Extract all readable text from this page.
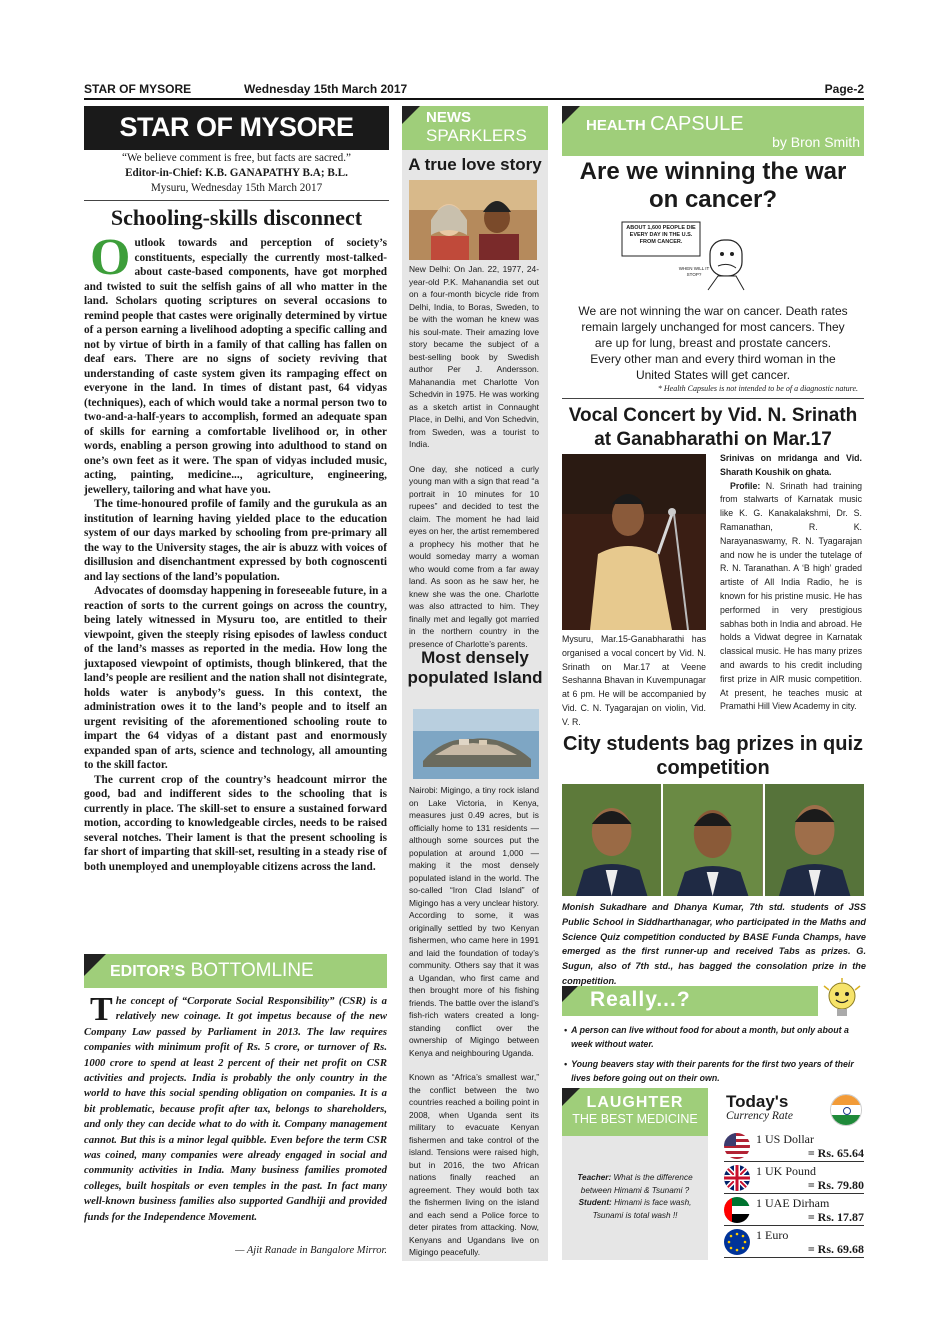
STAR OF MYSORE	Wednesday 15th March 2017	Page-2
STAR OF MYSORE
“We believe comment is free, but facts are sacred.”
Editor-in-Chief: K.B. GANAPATHY B.A; B.L.
Mysuru, Wednesday 15th March 2017
Schooling-skills disconnect

O utlook towards and perception of society’s constituents, especially the currently most-talked-about caste-based components, have got morphed and twisted to suit the selfish gains of all who matter in the land. Scholars quoting scriptures on several occasions to remind people that castes were originally determined by virtue of a person earning a livelihood adopting a specific calling and not by virtue of birth in a family of that calling has fallen on deaf ears. There are no signs of society reviving that understanding of caste system given its rampaging effect on everyone in the land. In times of distant past, 64 vidyas (techniques), each of which would take a normal person two to two-and-a-half-years to accomplish, formed an adequate span of skills for earning a comfortable livelihood or, in other words, enabling a person growing into adulthood to stand on one’s own feet as it were. The span of vidyas included music, acting, painting, medicine..., agriculture, engineering, jewellery, tailoring and what have you.

The time-honoured profile of family and the gurukula as an institution of learning having yielded place to the education system of our days marked by schooling from pre-primary all the way to the University stages, the air is abuzz with voices of disillusion and disenchantment expressed by both cognoscenti and lay sections of the land’s population.

Advocates of doomsday happening in foreseeable future, in a reaction of sorts to the current goings on across the country, being lately witnessed in Mysuru too, are entitled to their viewpoint, given the steeply rising episodes of lawless conduct of the land’s masses as reported in the media. How long the juxtaposed viewpoint of optimists, though blinkered, that the land’s people are resilient and the nation shall not disintegrate, holds water is anybody’s guess. In this context, the administration owes it to the land’s people and to itself an urgent revisiting of the aforementioned schooling route to impart the 64 vidyas of a distant past and enormously expanded span of arts, science and technology, all amounting to the skill factor.

The current crop of the country’s headcount mirror the good, bad and indifferent sides to the schooling that is currently in place. The skill-set to ensure a sustained forward motion, according to knowledgeable circles, needs to be raised several notches. Their lament is that the present schooling is far short of imparting that skill-set, resulting in a steady rise of both unemployed and unemployable citizens across the land.

EDITOR’S BOTTOMLINE
T he concept of “Corporate Social Responsibility” (CSR) is a relatively new coinage. It got impetus because of the new Company Law passed by Parliament in 2013. The law requires companies with minimum profit of Rs. 5 crore, or turnover of Rs. 1000 crore to spend at least 2 percent of their net profit on CSR activities and projects. India is probably the only country in the world to have this social spending obligation on companies. It is a bit problematic, because profit after tax, belongs to shareholders, and only they can decide what to do with it. Company management cannot. But this is a minor legal quibble. Even before the term CSR was coined, many companies were already engaged in social and community activities in India. Many business families promoted colleges, built hospitals or even temples in the past. In fact many well-known business families also supported Gandhiji and provided funds for the Independence Movement.
— Ajit Ranade in Bangalore Mirror.
NEWS
SPARKLERS
A true love story

New Delhi: On Jan. 22, 1977, 24-year-old P.K. Mahanandia set out on a four-month bicycle ride from Delhi, India, to Boras, Sweden, to be with the woman he knew was his soul-mate. Their amazing love story became the subject of a best-selling book by Swedish author Per J. Andersson. Mahanandia met Charlotte Von Schedvin in 1975. He was working as a sketch artist in Connaught Place, in Delhi, and Von Schedvin, from Sweden, was a tourist to India.

One day, she noticed a curly young man with a sign that read “a portrait in 10 minutes for 10 rupees” and decided to test the claim. The moment he had laid eyes on her, the artist remembered a prophecy his mother that he would someday marry a woman who would come from a far away land. As soon as he saw her, he knew she was the one. Charlotte was also attracted to him. They finally met and legally got married in the northern country in the presence of Charlotte’s parents.

Most densely populated Island

Nairobi: Migingo, a tiny rock island on Lake Victoria, in Kenya, measures just 0.49 acres, but is officially home to 131 residents —although some sources put the population at around 1,000 — making it the most densely populated island in the world. The so-called “Iron Clad Island” of Migingo has a very unclear history. According to some, it was originally settled by two Kenyan fishermen, who came here in 1991 and laid the foundation of today’s community. Others say that it was a Ugandan, who first came and then brought more of his fishing friends. The battle over the island’s fish-rich waters created a long-standing conflict over the ownership of Migingo between Kenya and neighbouring Uganda.

Known as “Africa’s smallest war,” the conflict between the two countries reached a boiling point in 2008, when Uganda sent its military to evacuate Kenyan fishermen and take control of the island. Tensions were raised high, but in 2016, the two African nations finally reached an agreement. They would both tax the fishermen living on the island and each send a Police force to deter pirates from attacking. Now, Kenyans and Ugandans live on Migingo peacefully.

HEALTH CAPSULE
by Bron Smith
Are we winning the war on cancer?
ABOUT 1,600 PEOPLE DIE EVERY DAY IN THE U.S. FROM CANCER.
WHEN WILL IT STOP?
We are not winning the war on cancer. Death rates remain largely unchanged for most cancers. They are up for lung, breast and prostate cancers. Every other man and every third woman in the United States will get cancer.
* Health Capsules is not intended to be of a diagnostic nature.
Vocal Concert by Vid. N. Srinath at Ganabharathi on Mar.17
Mysuru, Mar.15-Ganabharathi has organised a vocal concert by Vid. N. Srinath on Mar.17 at Veene Seshanna Bhavan in Kuvempunagar at 6 pm. He will be accompanied by Vid. C. N. Tyagarajan on violin, Vid. V. R.

Srinivas on mridanga and Vid. Sharath Koushik on ghata.

Profile: N. Srinath had training from stalwarts of Karnatak music like K. G. Kanakalakshmi, Dr. S. Ramanathan, R. K. Narayanaswamy, R. N. Tyagarajan and now he is under the tutelage of R. N. Taranathan. A ‘B high’ graded artiste of All India Radio, he is known for his pristine music. He has performed in very prestigious sabhas both in India and abroad. He holds a Vidwat degree in Karnatak classical music. He has many prizes and awards to his credit including first prize in AIR music competition. At present, he teaches music at Pramathi Hill View Academy in city.

City students bag prizes in quiz competition
Monish Sukadhare and Dhanya Kumar, 7th std. students of JSS Public School in Siddharthanagar, who participated in the Maths and Science Quiz competition conducted by BASE Funda Champs, have emerged as the first runner-up and received Tabs as prizes. G. Sugun, also of 7th std., has bagged the consolation prize in the competition.
Really...?
• A person can live without food for about a month, but only about a week without water.
• Young beavers stay with their parents for the first two years of their lives before going out on their own.
LAUGHTER
THE BEST MEDICINE
Teacher: What is the difference between Himami & Tsunami ?
Student: Himami is face wash, Tsunami is total wash !!
Today's
Currency Rate
1 US Dollar
= Rs. 65.64
1 UK Pound
= Rs. 79.80
1 UAE Dirham
= Rs. 17.87
1 Euro
= Rs. 69.68
